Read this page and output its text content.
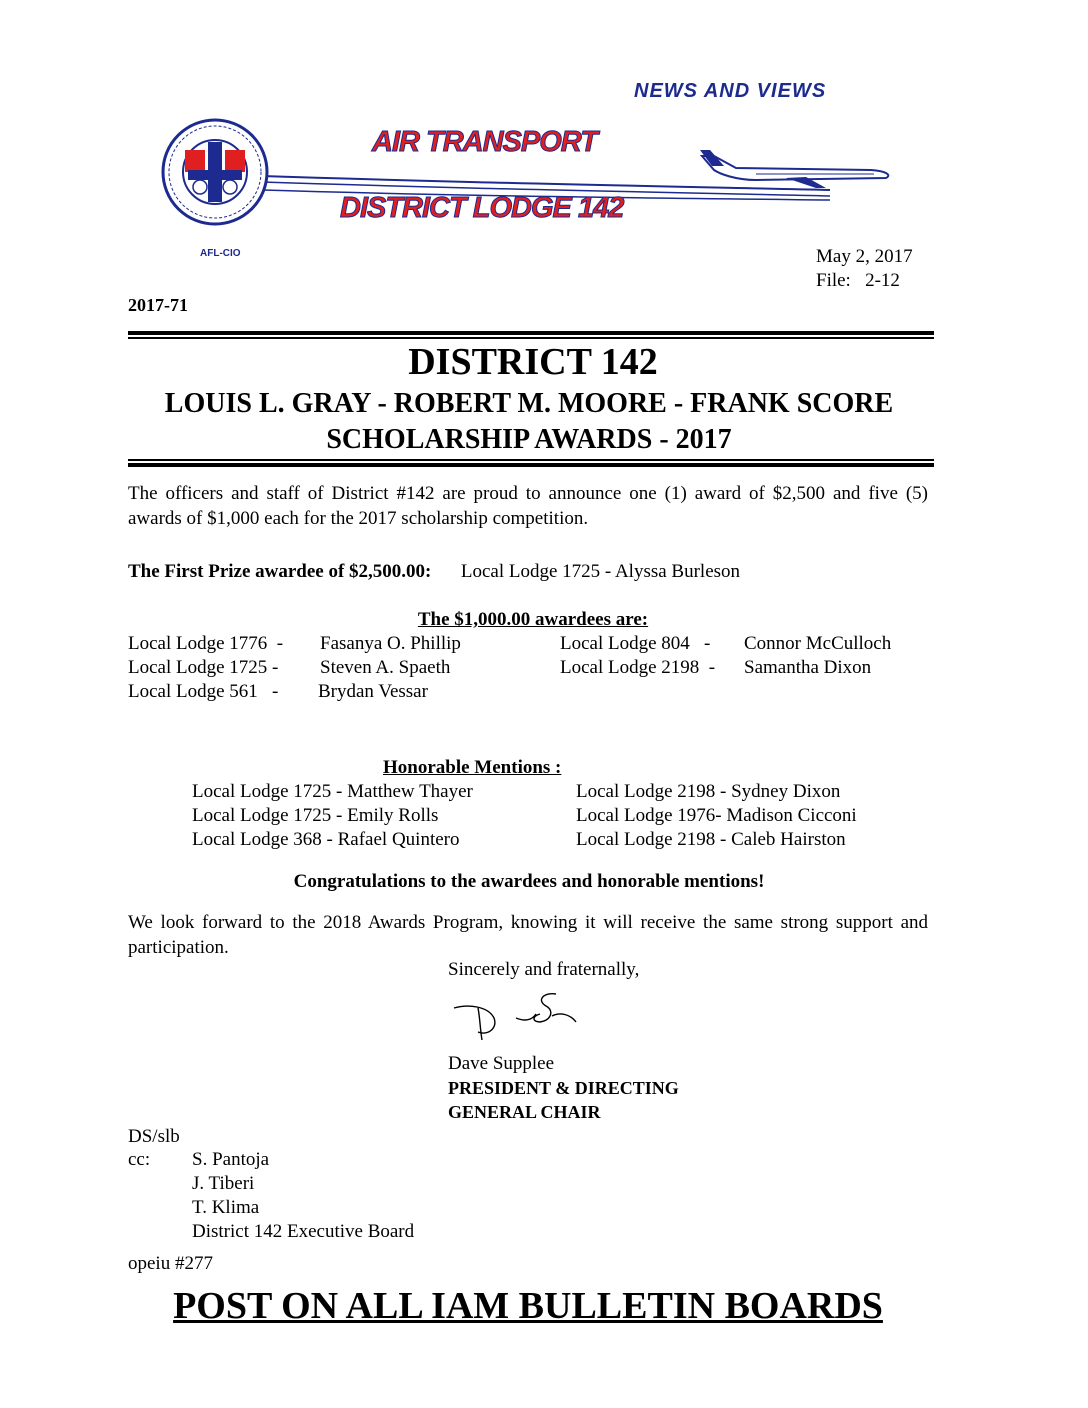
NEWS AND VIEWS
AFL-CIO
AIR TRANSPORT
DISTRICT LODGE 142
May 2, 2017
File:   2-12
2017-71
DISTRICT 142
LOUIS L. GRAY - ROBERT M. MOORE - FRANK SCORE
SCHOLARSHIP AWARDS - 2017
The officers and staff of District #142 are proud to announce one (1) award of $2,500 and five (5) awards of $1,000 each for the 2017 scholarship competition.
The First Prize awardee of $2,500.00: Local Lodge 1725 - Alyssa Burleson
The $1,000.00 awardees are:
Local Lodge 1776  - Fasanya O. Phillip
Local Lodge 1725 - Steven A. Spaeth
Local Lodge 561   - Brydan Vessar
Local Lodge 804   - Connor McCulloch
Local Lodge 2198  - Samantha Dixon
Honorable Mentions :
Local Lodge 1725 - Matthew Thayer
Local Lodge 1725 - Emily Rolls
Local Lodge 368 - Rafael Quintero
Local Lodge 2198 - Sydney Dixon
Local Lodge 1976- Madison Cicconi
Local Lodge 2198 - Caleb Hairston
Congratulations to the awardees and honorable mentions!
We look forward to the 2018 Awards Program, knowing it will receive the same strong support and participation.
Sincerely and fraternally,
Dave Supplee
PRESIDENT & DIRECTING
GENERAL CHAIR
DS/slb
cc: S. Pantoja
J. Tiberi
T. Klima
District 142 Executive Board
opeiu #277
POST ON ALL IAM BULLETIN BOARDS
